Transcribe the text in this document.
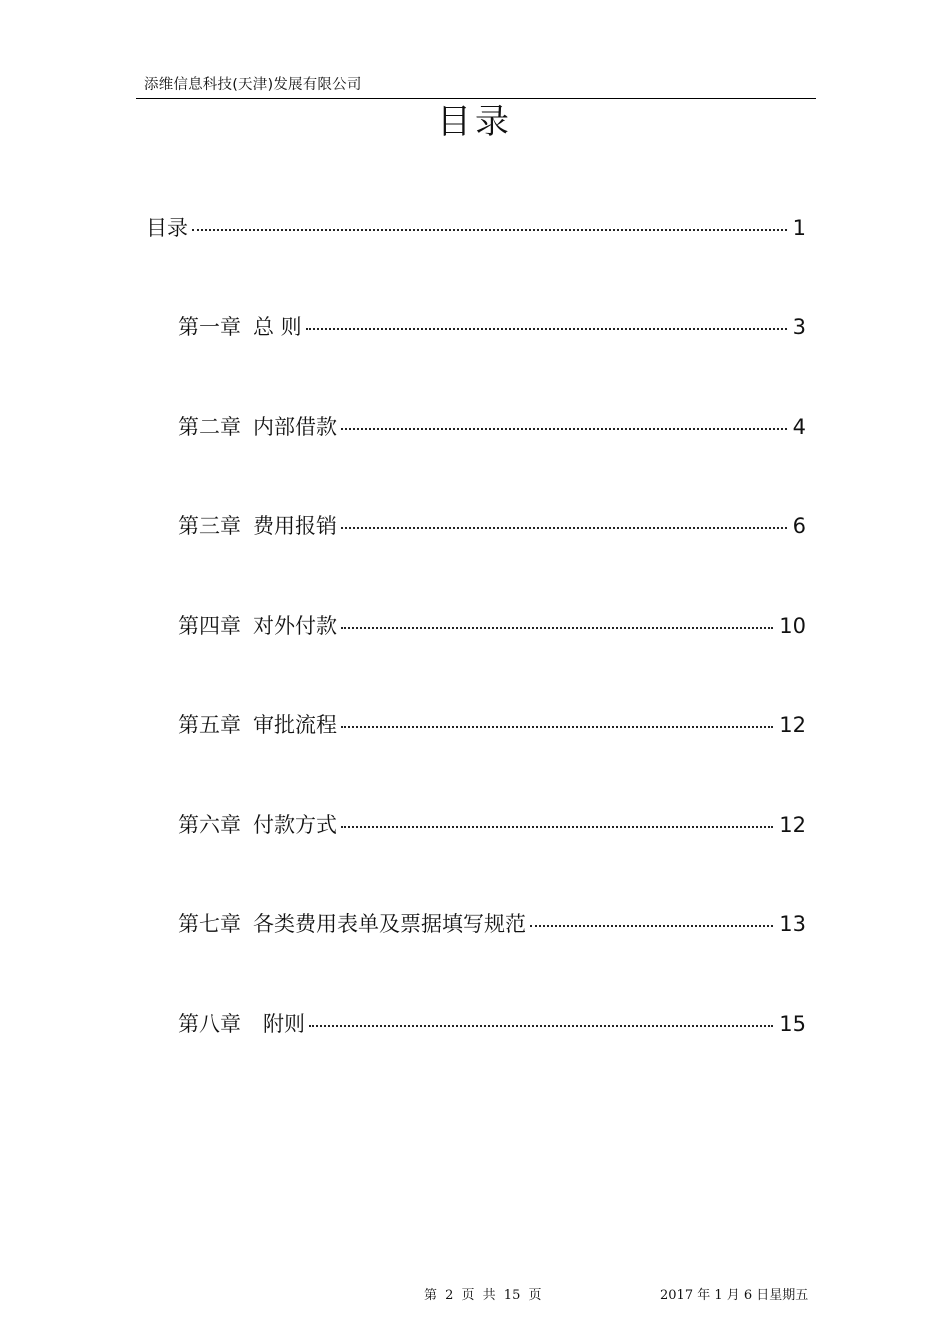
添维信息科技(天津)发展有限公司
目录
目录	1
第一章 总 则	3
第二章 内部借款	4
第三章 费用报销	6
第四章 对外付款	10
第五章 审批流程	12
第六章 付款方式	12
第七章 各类费用表单及票据填写规范	13
第八章 附则	15
第 2 页 共 15 页	2017 年 1 月 6 日星期五
